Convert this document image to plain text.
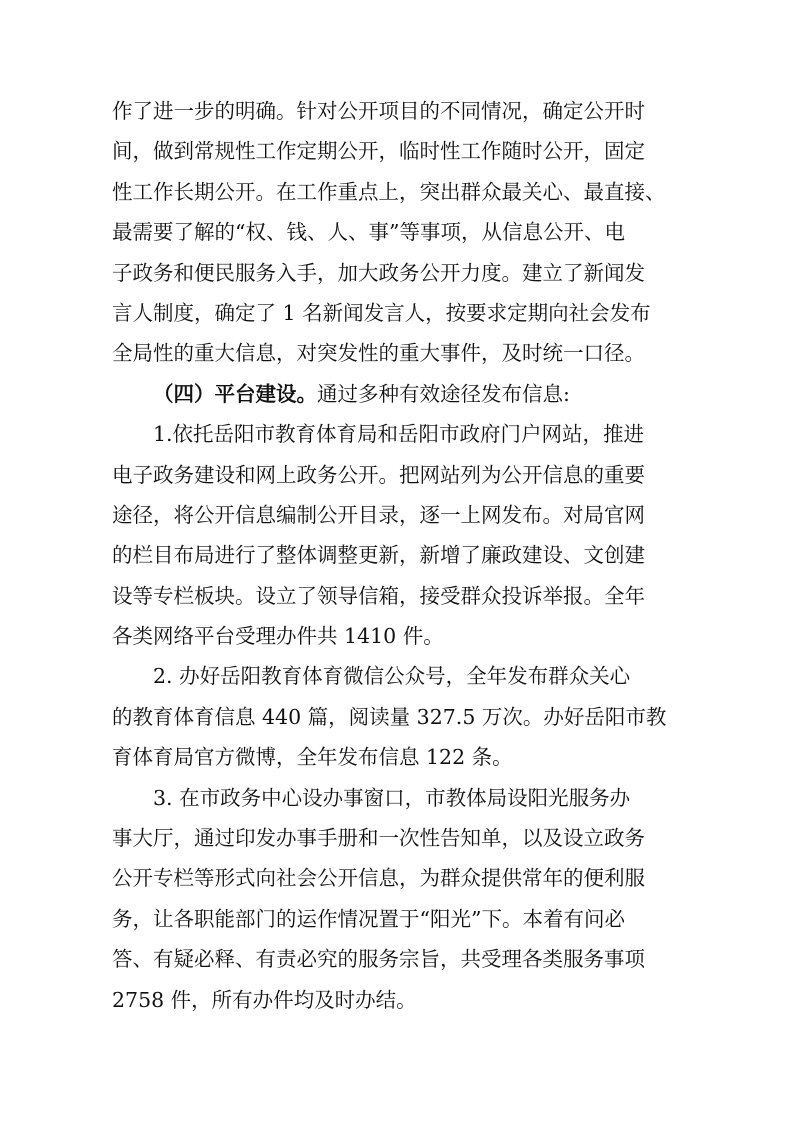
作了进一步的明确。针对公开项目的不同情况，确定公开时
间，做到常规性工作定期公开，临时性工作随时公开，固定
性工作长期公开。在工作重点上，突出群众最关心、最直接、
最需要了解的“权、钱、人、事”等事项，从信息公开、电
子政务和便民服务入手，加大政务公开力度。建立了新闻发
言人制度，确定了 1 名新闻发言人，按要求定期向社会发布
全局性的重大信息，对突发性的重大事件，及时统一口径。
（四）平台建设。通过多种有效途径发布信息:
1.依托岳阳市教育体育局和岳阳市政府门户网站，推进
电子政务建设和网上政务公开。把网站列为公开信息的重要
途径，将公开信息编制公开目录，逐一上网发布。对局官网
的栏目布局进行了整体调整更新，新增了廉政建设、文创建
设等专栏板块。设立了领导信箱，接受群众投诉举报。全年
各类网络平台受理办件共 1410 件。
2. 办好岳阳教育体育微信公众号，全年发布群众关心
的教育体育信息 440 篇，阅读量 327.5 万次。办好岳阳市教
育体育局官方微博，全年发布信息 122 条。
3. 在市政务中心设办事窗口，市教体局设阳光服务办
事大厅，通过印发办事手册和一次性告知单，以及设立政务
公开专栏等形式向社会公开信息，为群众提供常年的便利服
务，让各职能部门的运作情况置于“阳光”下。本着有问必
答、有疑必释、有责必究的服务宗旨，共受理各类服务事项
2758 件，所有办件均及时办结。
